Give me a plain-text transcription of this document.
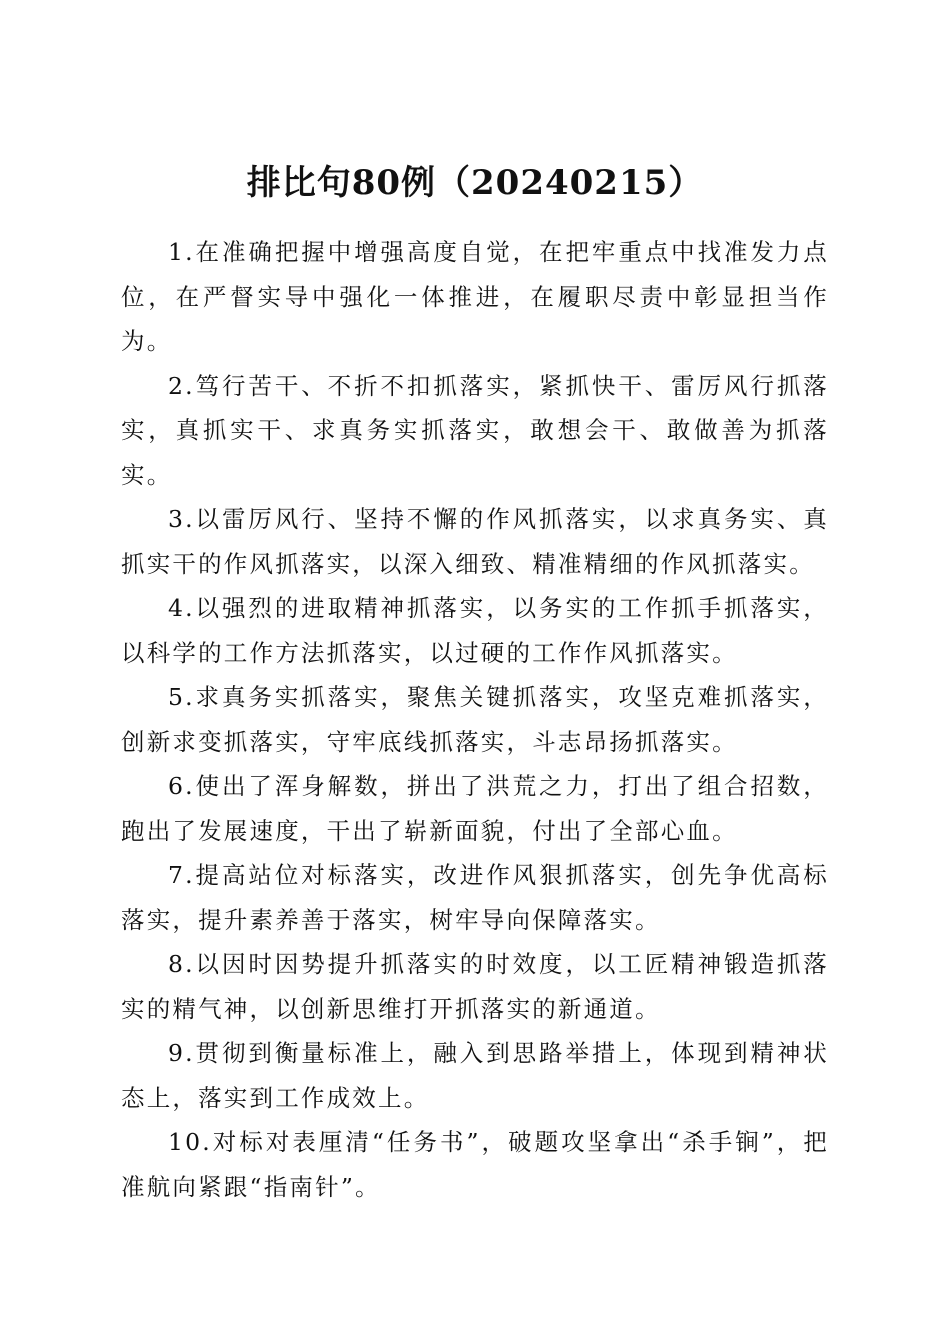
排比句80例（20240215）

1.在准确把握中增强高度自觉，在把牢重点中找准发力点位，在严督实导中强化一体推进，在履职尽责中彰显担当作为。

2.笃行苦干、不折不扣抓落实，紧抓快干、雷厉风行抓落实，真抓实干、求真务实抓落实，敢想会干、敢做善为抓落实。

3.以雷厉风行、坚持不懈的作风抓落实，以求真务实、真抓实干的作风抓落实，以深入细致、精准精细的作风抓落实。

4.以强烈的进取精神抓落实，以务实的工作抓手抓落实，以科学的工作方法抓落实，以过硬的工作作风抓落实。

5.求真务实抓落实，聚焦关键抓落实，攻坚克难抓落实，创新求变抓落实，守牢底线抓落实，斗志昂扬抓落实。

6.使出了浑身解数，拼出了洪荒之力，打出了组合招数，跑出了发展速度，干出了崭新面貌，付出了全部心血。

7.提高站位对标落实，改进作风狠抓落实，创先争优高标落实，提升素养善于落实，树牢导向保障落实。

8.以因时因势提升抓落实的时效度，以工匠精神锻造抓落实的精气神，以创新思维打开抓落实的新通道。

9.贯彻到衡量标准上，融入到思路举措上，体现到精神状态上，落实到工作成效上。

10.对标对表厘清“任务书”，破题攻坚拿出“杀手锏”，把准航向紧跟“指南针”。
